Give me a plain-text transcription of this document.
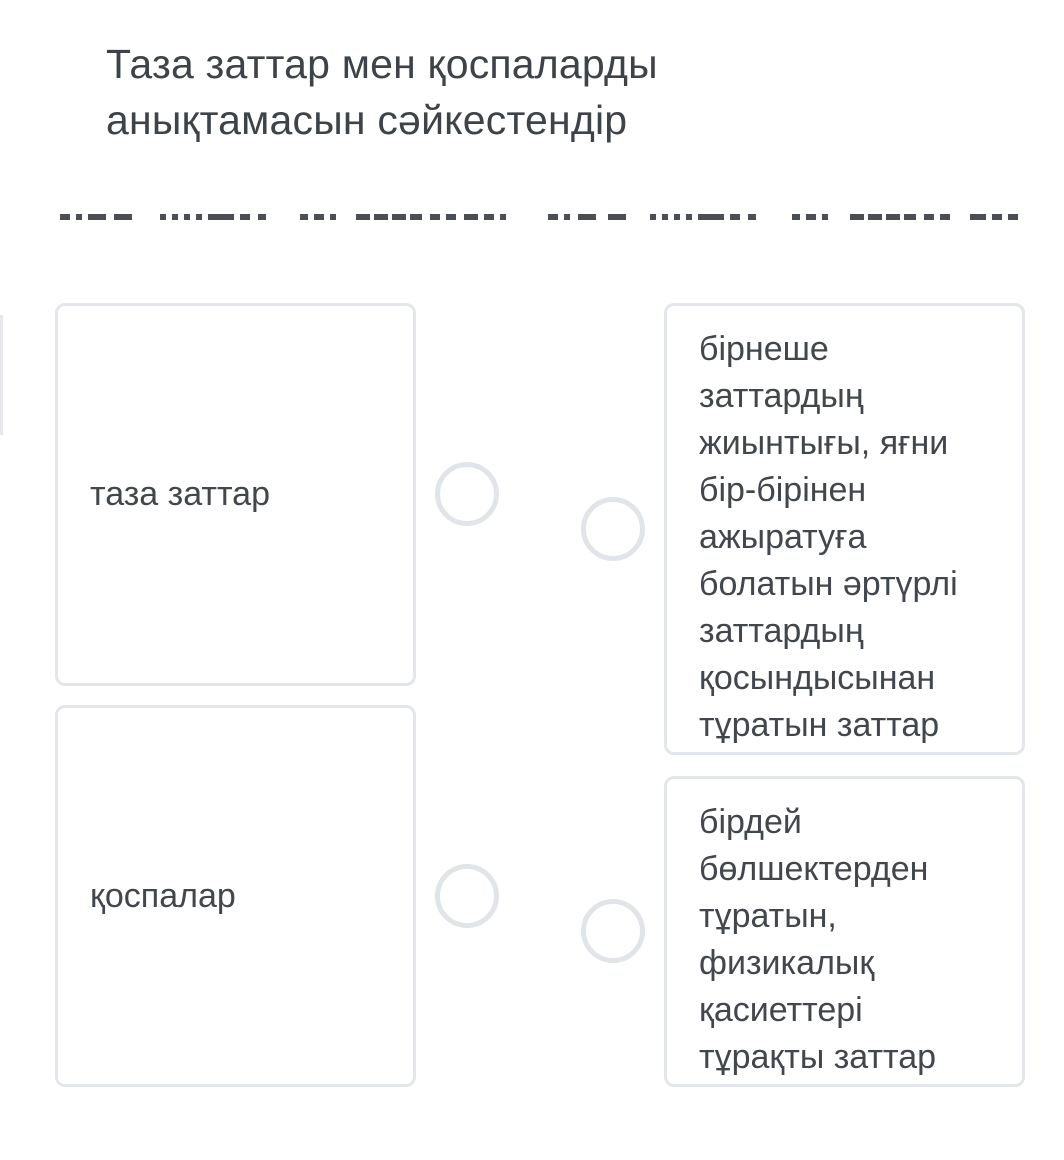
Таза заттар мен қоспаларды анықтамасын сәйкестендір
таза заттар
қоспалар
бірнеше
заттардың
жиынтығы, яғни
бір-бірінен
ажыратуға
болатын әртүрлі
заттардың
қосындысынан
тұратын заттар
бірдей
бөлшектерден
тұратын,
физикалық
қасиеттері
тұрақты заттар
